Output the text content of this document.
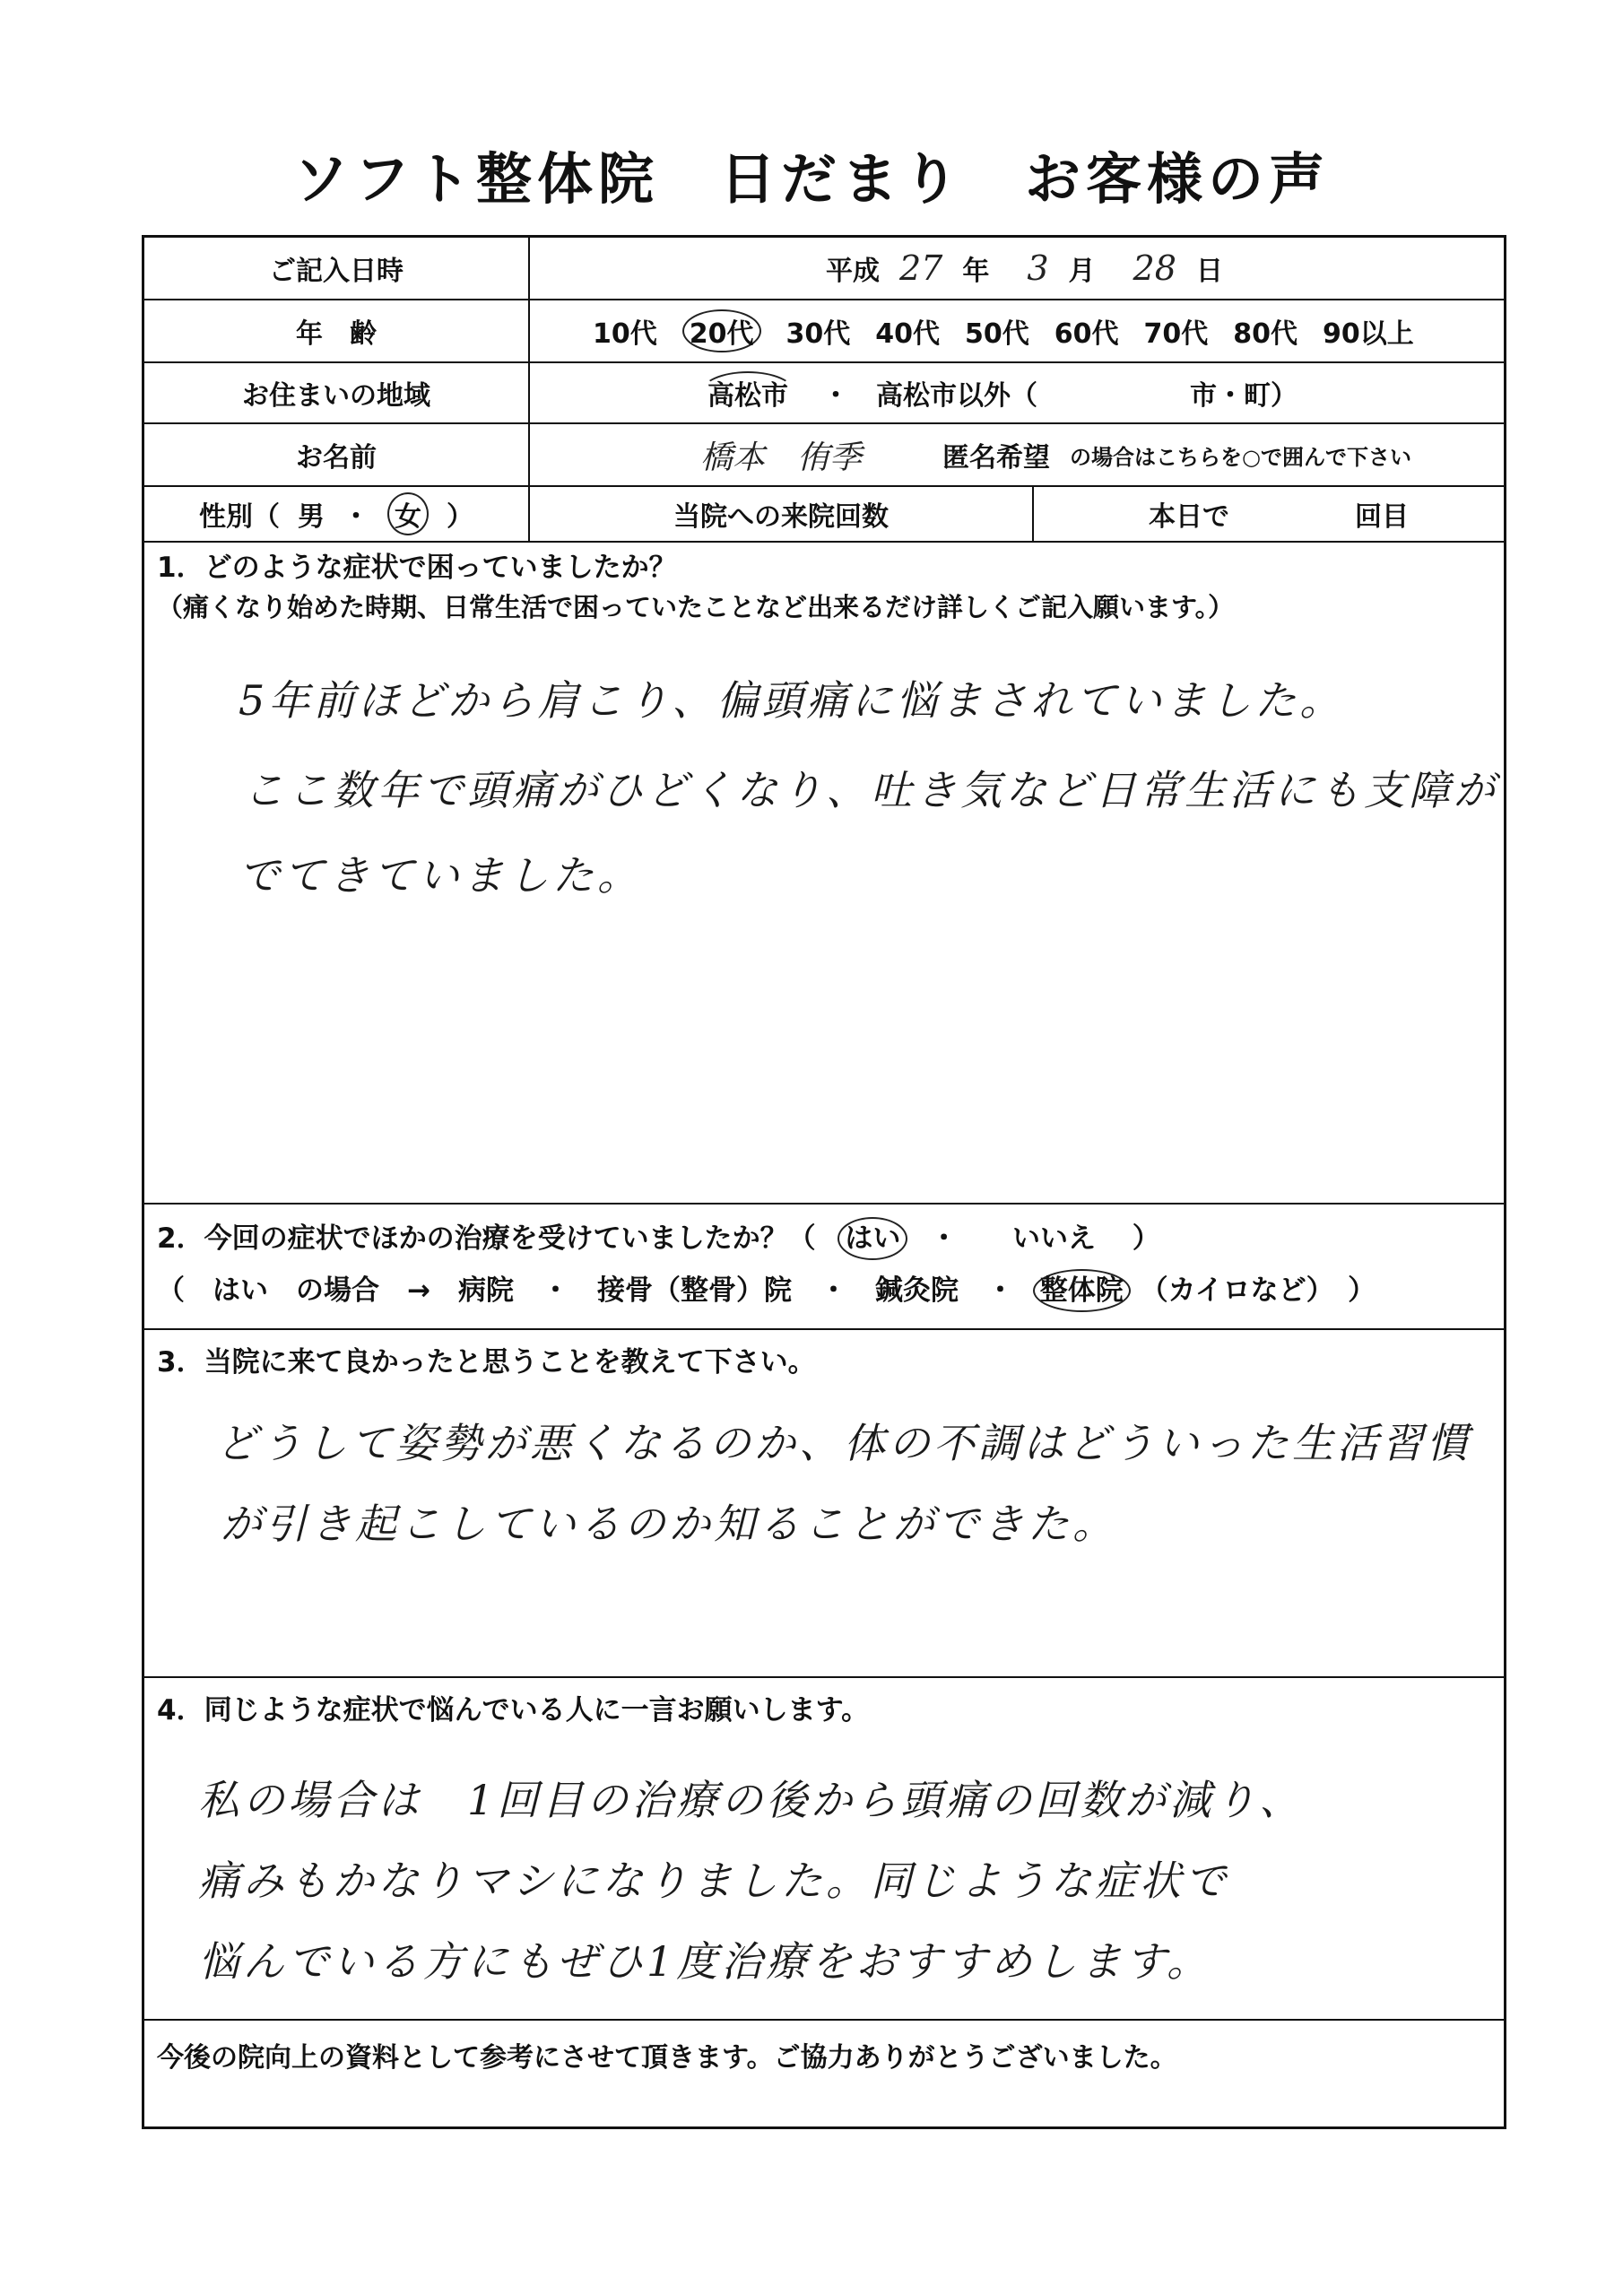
ソフト整体院　日だまり　お客様の声
ご記入日時	平成 27 年 3 月 28 日
年　齢	10代 20代 30代 40代 50代 60代 70代 80代 90以上
お住まいの地域	高松市 ・ 高松市以外（	市・町）
お名前	橋本　侑季	匿名希望 の場合はこちらを○で囲んで下さい
性別（ 男 ・ 女 ）	当院への来院回数	本日で	回目
1．どのような症状で困っていましたか？
（痛くなり始めた時期、日常生活で困っていたことなど出来るだけ詳しくご記入願います。）
5年前ほどから肩こり、偏頭痛に悩まされていました。
ここ数年で頭痛がひどくなり、吐き気など日常生活にも支障が
でてきていました。
2．今回の症状でほかの治療を受けていましたか？（ はい ・ いいえ ）
（　はい　の場合　→　病院　・　接骨（整骨）院　・　鍼灸院　・ 整体院 （カイロなど）　）
3．当院に来て良かったと思うことを教えて下さい。
どうして姿勢が悪くなるのか、体の不調はどういった生活習慣
が引き起こしているのか知ることができた。
4．同じような症状で悩んでいる人に一言お願いします。
私の場合は　1回目の治療の後から頭痛の回数が減り、
痛みもかなりマシになりました。同じような症状で
悩んでいる方にもぜひ1度治療をおすすめします。
今後の院向上の資料として参考にさせて頂きます。ご協力ありがとうございました。
